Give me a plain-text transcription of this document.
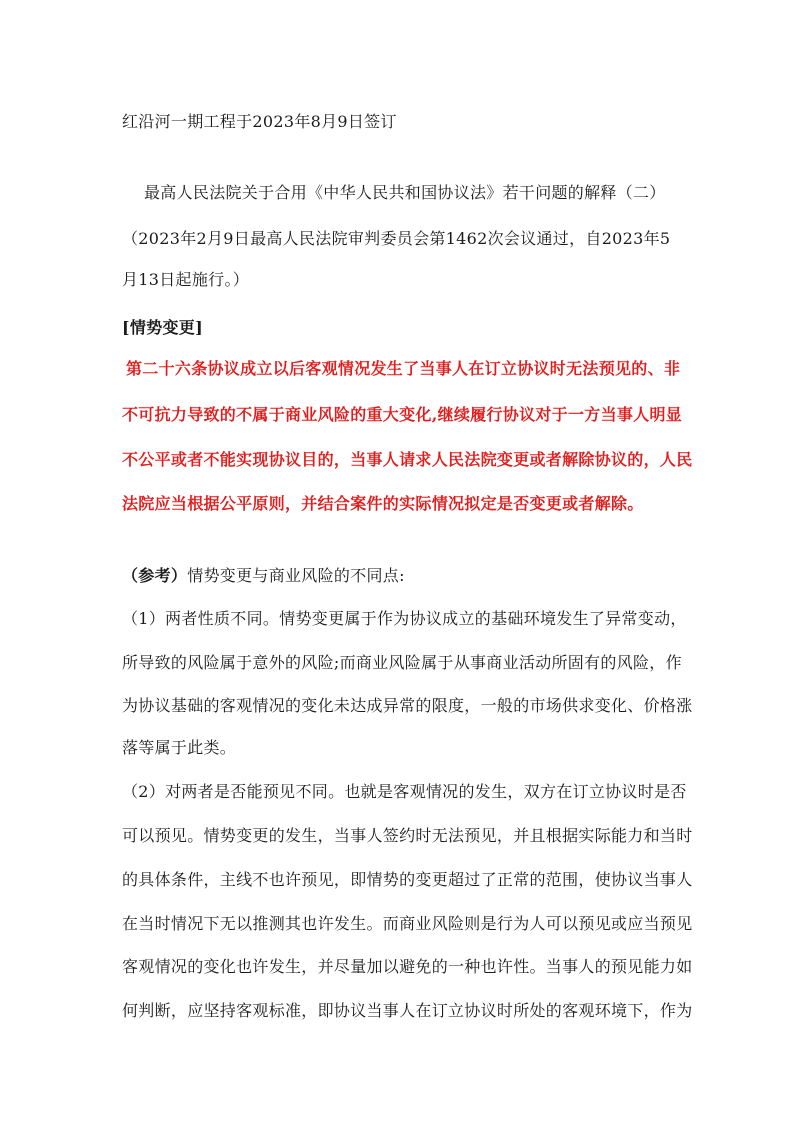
红沿河一期工程于2023年8月9日签订
最高人民法院关于合用《中华人民共和国协议法》若干问题的解释（二）
（2023年2月9日最高人民法院审判委员会第1462次会议通过，自2023年5
月13日起施行。）
[情势变更]
第二十六条协议成立以后客观情况发生了当事人在订立协议时无法预见的、非
不可抗力导致的不属于商业风险的重大变化,继续履行协议对于一方当事人明显
不公平或者不能实现协议目的，当事人请求人民法院变更或者解除协议的，人民
法院应当根据公平原则，并结合案件的实际情况拟定是否变更或者解除。
（参考）情势变更与商业风险的不同点:
（1）两者性质不同。情势变更属于作为协议成立的基础环境发生了异常变动，
所导致的风险属于意外的风险;而商业风险属于从事商业活动所固有的风险，作
为协议基础的客观情况的变化未达成异常的限度，一般的市场供求变化、价格涨
落等属于此类。
（2）对两者是否能预见不同。也就是客观情况的发生，双方在订立协议时是否
可以预见。情势变更的发生，当事人签约时无法预见，并且根据实际能力和当时
的具体条件，主线不也许预见，即情势的变更超过了正常的范围，使协议当事人
在当时情况下无以推测其也许发生。而商业风险则是行为人可以预见或应当预见
客观情况的变化也许发生，并尽量加以避免的一种也许性。当事人的预见能力如
何判断，应坚持客观标准，即协议当事人在订立协议时所处的客观环境下，作为
